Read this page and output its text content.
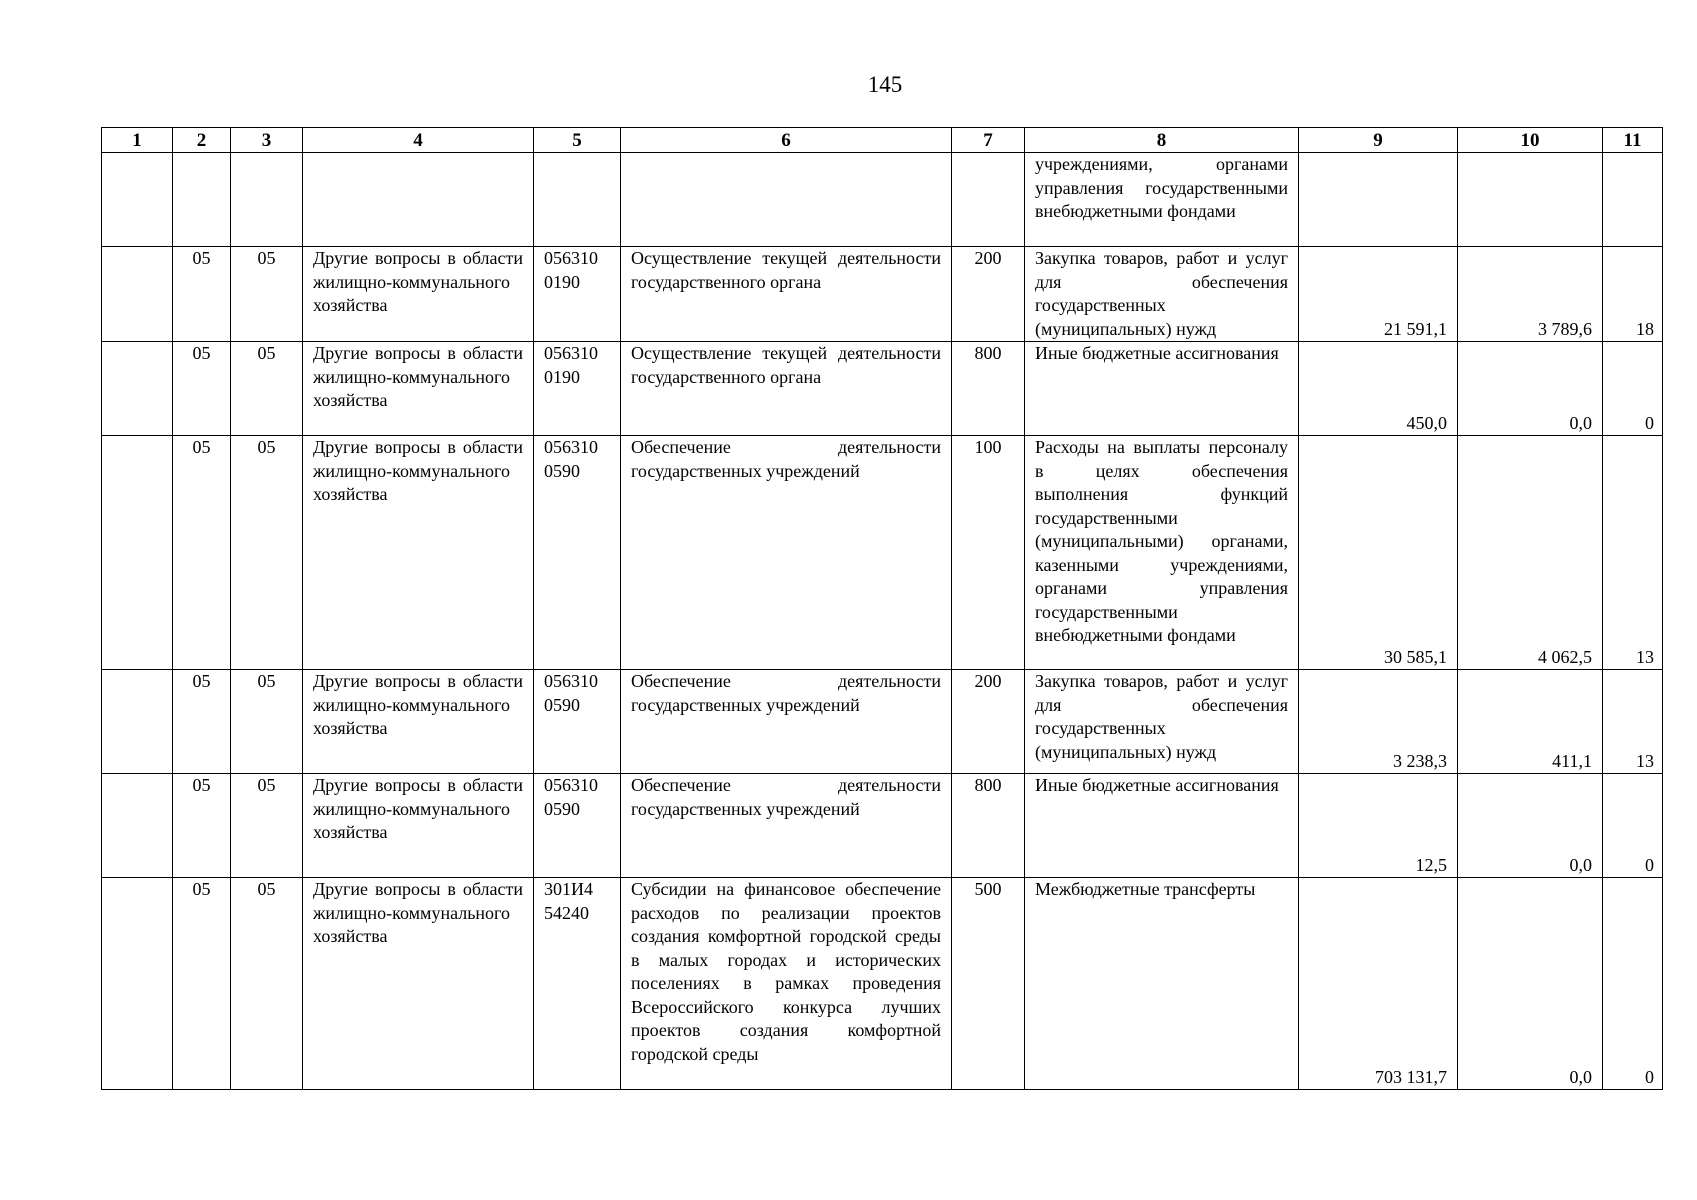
145
1	2	3	4	5	6	7	8	9	10	11
							учреждениями, органами управления государственными внебюджетными фондами			
	05	05	Другие вопросы в области жилищно-коммунального хозяйства	056310 0190	Осуществление текущей деятельности государственного органа	200	Закупка товаров, работ и услуг для обеспечения государственных (муниципальных) нужд	21 591,1	3 789,6	18
	05	05	Другие вопросы в области жилищно-коммунального хозяйства	056310 0190	Осуществление текущей деятельности государственного органа	800	Иные бюджетные ассигнования	450,0	0,0	0
	05	05	Другие вопросы в области жилищно-коммунального хозяйства	056310 0590	Обеспечение деятельности государственных учреждений	100	Расходы на выплаты персоналу в целях обеспечения выполнения функций государственными (муниципальными) органами, казенными учреждениями, органами управления государственными внебюджетными фондами	30 585,1	4 062,5	13
	05	05	Другие вопросы в области жилищно-коммунального хозяйства	056310 0590	Обеспечение деятельности государственных учреждений	200	Закупка товаров, работ и услуг для обеспечения государственных (муниципальных) нужд	3 238,3	411,1	13
	05	05	Другие вопросы в области жилищно-коммунального хозяйства	056310 0590	Обеспечение деятельности государственных учреждений	800	Иные бюджетные ассигнования	12,5	0,0	0
	05	05	Другие вопросы в области жилищно-коммунального хозяйства	301И4 54240	Субсидии на финансовое обеспечение расходов по реализации проектов создания комфортной городской среды в малых городах и исторических поселениях в рамках проведения Всероссийского конкурса лучших проектов создания комфортной городской среды	500	Межбюджетные трансферты	703 131,7	0,0	0
